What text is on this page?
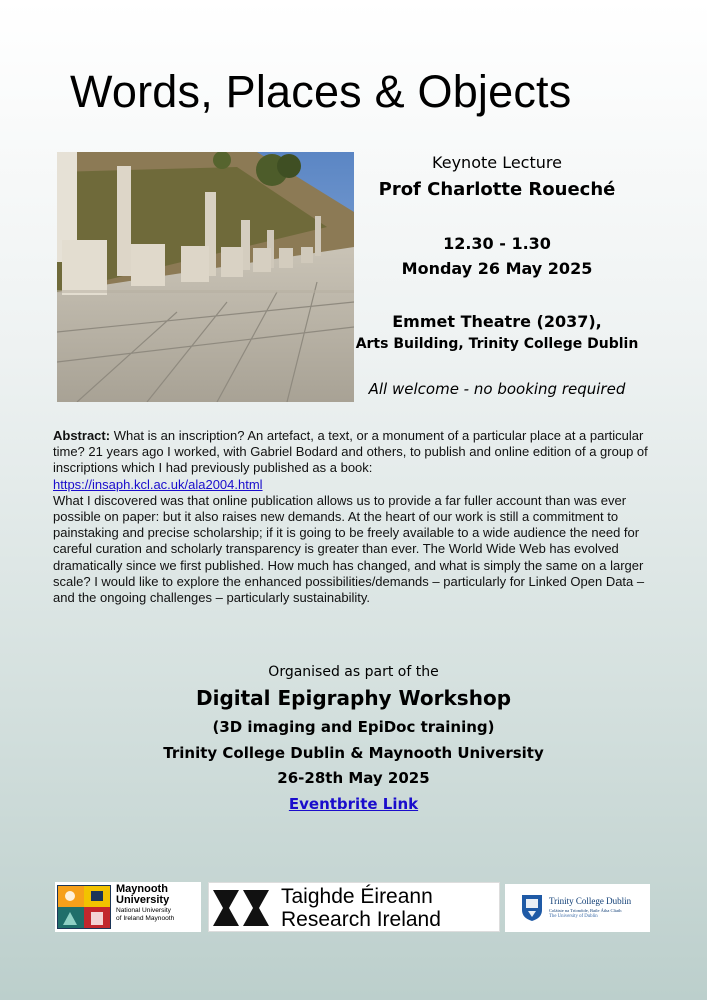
Words, Places & Objects
Keynote Lecture
Prof Charlotte Roueché
12.30 - 1.30
Monday 26 May 2025
Emmet Theatre (2037),
Arts Building, Trinity College Dublin
All welcome - no booking required
Abstract: What is an inscription? An artefact, a text, or a monument of a particular place at a particular time? 21 years ago I worked, with Gabriel Bodard and others, to publish and online edition of a group of inscriptions which I had previously published as a book:
https://insaph.kcl.ac.uk/ala2004.html
What I discovered was that online publication allows us to provide a far fuller account than was ever possible on paper: but it also raises new demands. At the heart of our work is still a commitment to painstaking and precise scholarship; if it is going to be freely available to a wide audience the need for careful curation and scholarly transparency is greater than ever. The World Wide Web has evolved dramatically since we first published. How much has changed, and what is simply the same on a larger scale? I would like to explore the enhanced possibilities/demands – particularly for Linked Open Data – and the ongoing challenges – particularly sustainability.
Organised as part of the
Digital Epigraphy Workshop
(3D imaging and EpiDoc training)
Trinity College Dublin & Maynooth University
26-28th May 2025
Eventbrite Link
Maynooth
University
National University
of Ireland Maynooth
Taighde Éireann
Research Ireland
Trinity College Dublin
Coláiste na Tríonóide, Baile Átha Cliath
The University of Dublin
